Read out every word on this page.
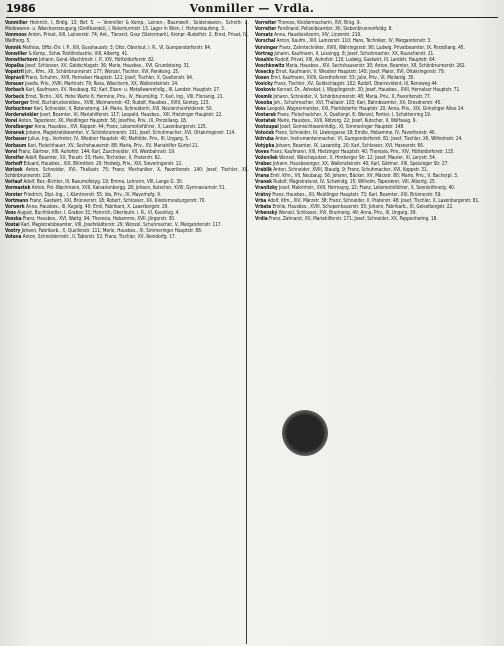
1986	Vonmiller — Vrdla.
Vonmiller Heinrich, I, Brdlg. 13; Bef. 5. — Vonmiller & Komp., Leinen-, Baumwoll-, Seidenwaren-, Schnitt- u. Modewaren- u. Wäscheerzeugung (Großhandel), I, Rotenturmstr. 13, Lager in Wien, I, Hohenstaufeng. 3.
Vonmoos Anton, Privat, XIII, Lainzerstr. 74; Ant., Tierarzt, Graz (Steiermark), Kronpr.-Rudolfstr. 2; Ernst, Privat, IV, Waltherg. 5.
Vonnik Mathias, Offiz.-Dir. i. P., XIII, Gusshausstr. 3; Otto, Oberleut. i. R., VI, Gumpendorferstr. 64.
Vonwiller & Komp., Schw. Textilindustrie, VIII, Albertg. 41.
Vonwillerkorn Johann, Gend.-Wachtmstr. i. P., XIV, Hütteldorferstr. 82.
Vopalka Josef, Schlosser, XV, Goldschlagstr. 36; Marie, Hausbes., XVI, Grundsteing. 31.
Vopatril Joh., Kfm., XII, Schönbrunnerstr. 177; Wenzel, Tischler, XVI, Panikeng. 25.
Vopravil Franz, Schuhm., XVII, Hernalser Hauptstr. 121; Josef, Tischler, X, Quellenstr. 94.
Vorauer Josefa, Priv., XVIII, Martinstr. 79; Rosa, Wäscherin, XX, Wallensteinstr. 24.
Vorbach Karl, Kaufmann, XV, Neubaug. 82; Karl, Eisen- u. Metallwarenhdlg., III, Landstr. Hauptstr. 27.
Vorbeck Ernst, Techn., XIX, Hohe Warte 6; Hermine, Priv., IV, Heumühlg. 7; Karl, Ing., VIII, Florianig. 21.
Vorberger Emil, Buchdruckereibes., XVIII, Weimarerstr. 43; Rudolf, Hausbes., XVIII, Gentzg. 115.
Vorbuchner Karl, Schneider, II, Rotensterng. 14; Marie, Schneiderin, XVI, Neulerchenfelderstr. 50.
Vorderwinkler Josef, Beamter, VI, Mariahilferstr. 117; Leopold, Hausbes., XIII, Hietzinger Hauptstr. 22.
Vorel Anton, Tapezierer, XII, Meidlinger Hauptstr. 56; Josefine, Priv., IX, Porzellang. 18.
Voralberger Anna, Hausbes., XVI, Koppstr. 44; Franz, Lokomotivführer, X, Laxenburgerstr. 125.
Voranek Johann, Magistratsbeamter, V, Schönbrunnerstr. 101; Josef, Schuhmacher, XVI, Ottakringerstr. 114.
Vorbauer Julius, Ing., Vertreter, IV, Wiedner Hauptstr. 40; Mathilde, Priv., III, Ungarg. 5.
Vorbaum Karl, Fleischhauer, XV, Sechshauserstr. 88; Maria, Priv., XV, Mariahilfer Gürtel 21.
Vorel Franz, Gärtner, XIII, Auhofstr. 144; Karl, Zuschneider, VII, Westbahnstr. 19.
Voreifer Adolf, Beamter, XX, Treustr. 33; Hans, Techniker, II, Praterstr. 62.
Vorhoff Eduard, Hausbes., XIX, Billrothstr. 20; Hedwig, Priv., XIX, Sieveringerstr. 12.
Vorisek Anton, Schneider, XVI, Thaliastr. 75; Franz, Mechaniker, X, Favoritenstr. 140; Josef, Tischler, XII, Schönbrunnerstr. 226.
Vorlauf Adolf, Bez.-Richter, III, Rasumofskyg. 19; Emma, Lehrerin, VIII, Lange G. 30.
Vormastek Anton, Pol.-Wachmann, XVII, Kalvarienbergg. 28; Johann, Kutscher, XVIII, Gymnasiumstr. 51.
Vorster Friedrich, Dipl.-Ing., I, Kärntnerstr. 55; Ida, Priv., IV, Mayerhofg. 9.
Vortmann Franz, Gastwirt, XXI, Brünnerstr. 18; Robert, Schlosser, XX, Klosterneuburgerstr. 70.
Vorwerk Anna, Hausbes., III, Kegelg. 40; Emil, Fabrikant, X, Laaerbergstr. 29.
Voss August, Buchhändler, I, Graben 31; Heinrich, Oberleutn. i. R., VI, Kaunitzg. 4.
Vosska Franz, Hausbes., XVI, Wattg. 94; Theresia, Hebamme, XVII, Jörgerstr. 30.
Vostal Karl, Magistratsbeamter, VIII, Josefstädterstr. 29; Wenzel, Schuhmacher, V, Margaretenstr. 117.
Vostry Johann, Fabrikarb., X, Quellenstr. 111; Marie, Hausbes., XI, Simmeringer Hauptstr. 88.
Votava Anton, Schneidermstr., II, Taborstr. 52; Franz, Tischler, XV, Reindorfg. 17.
Vorreiter Therese, Kleidermacherin, XVI, Brüg. 9.
Vorreiter Ferdinand, Polizeibeamter, XII, Siebenbrunnenfeldg. 8.
Vorsatz Anna, Hausbesitzerin, XIV, Linzerstr. 219.
Vorschal Anton, Kaufm., XIII, Lainzerstr. 110; Hans, Techniker, IV, Margaretenstr. 3.
Vorsinger Franz, Zahntechniker, XVIII, Währingerstr. 90; Ludwig, Privatbeamter, IX, Porzellang. 45.
Vortrag Johann, Kaufmann, II, Lessingg. 8; Josef, Schuhmacher, XX, Rauscherstr. 21.
Vosahlo Rudolf, Privat, XIII, Auhofstr. 110; Ludwig, Gastwirt, III, Landstr. Hauptstr. 64.
Voschkowitz Maria, Hausbes., XIV, Sechshauserstr. 30; Anton, Beamter, XII, Schönbrunnerstr. 262.
Vosecky Ernst, Kaufmann, V, Wiedner Hauptstr. 145; Josef, Maler, XVI, Ottakringerstr. 79.
Vosen Emil, Kaufmann, XVIII, Gersthoferstr. 53; Julie, Priv., VI, Mollardg. 30.
Vosicky Franz, Tischler, XV, Goldschlagstr. 102; Rudolf, Oberrevident, III, Rennweg 44.
Voskovic Konrad, Dr., Advokat, I, Wipplingerstr. 30; Josef, Hausbes., XVII, Hernalser Hauptstr. 71.
Vosmik Johann, Schneider, V, Schönbrunnerstr. 48; Maria, Priv., X, Favoritenstr. 77.
Vosoba Joh., Schuhmacher, XVI, Thaliastr. 103; Karl, Bahnbeamter, XX, Dresdnerstr. 45.
Voss Leopold, Wagnermeister, XXI, Floridsdorfer Hauptstr. 20; Anna, Priv., XIX, Grinzinger Allee 14.
Vostarek Franz, Fleischselcher, X, Quellenpl. 6; Wenzel, Portier, I, Schottenring 19.
Vostatek Marie, Hausbes., XVII, Rötzerg. 22; Josef, Kutscher, II, Wolfsaug. 9.
Vostoupal Josef, Gemischtwarenhdlg., XI, Simmeringer Hauptstr. 148.
Votoček Franz, Schneider, III, Löwengasse 18; Emilie, Hebamme, IV, Favoritenstr. 40.
Votruba Anton, Instrumentenmacher, VI, Gumpendorferstr. 81; Josef, Tischler, XII, Wilhelmstr. 24.
Votýpka Johann, Beamter, IX, Lazarettg. 20; Karl, Schlosser, XVI, Hasnerstr. 66.
Voves Franz, Kaufmann, XIII, Hietzinger Hauptstr. 40; Theresia, Priv., XIV, Hütteldorferstr. 115.
Voženílek Wenzel, Wäscheputzer, X, Himberger Str. 12; Josef, Maurer, XI, Lorystr. 54.
Vrabec Johann, Hausbesorger, XX, Wallensteinstr. 40; Karl, Gärtner, XIII, Speisinger Str. 27.
Vrablik Anton, Schneider, XVIII, Staudg. 9; Franz, Schuhmacher, XVI, Koppstr. 31.
Vrana Emil, Kfm., VII, Neubaug. 56; Johann, Bäcker, XV, Märzstr. 80; Marie, Priv., V, Bacherpl. 3.
Vranek Rudolf, Magistratsrat, IV, Schwindg. 15; Wilhelm, Tapezierer, VIII, Albertg. 25.
Vranitzky Josef, Malermstr., XVII, Hormayrg. 22; Franz, Lokomotivführer, X, Sonnleithnerg. 40.
Vrátný Franz, Hausbes., XII, Meidlinger Hauptstr. 73; Karl, Beamter, XXI, Brünnerstr. 59.
Vrba Adolf, Kfm., XIV, Märzstr. 38; Franz, Schneider, II, Praterstr. 48; Josef, Tischler, X, Laxenburgerstr. 81.
Vrbata Emilie, Hausbes., XVIII, Schopenhauerstr. 55; Johann, Fabrikarb., XI, Geiselbergstr. 22.
Vrbenský Wenzel, Schlosser, XVI, Brunneng. 49; Anna, Priv., III, Ungarg. 39.
Vrdla Franz, Zahnarzt, XV, Mariahilferstr. 171; Josef, Schneider, XX, Pappenheimg. 18.
